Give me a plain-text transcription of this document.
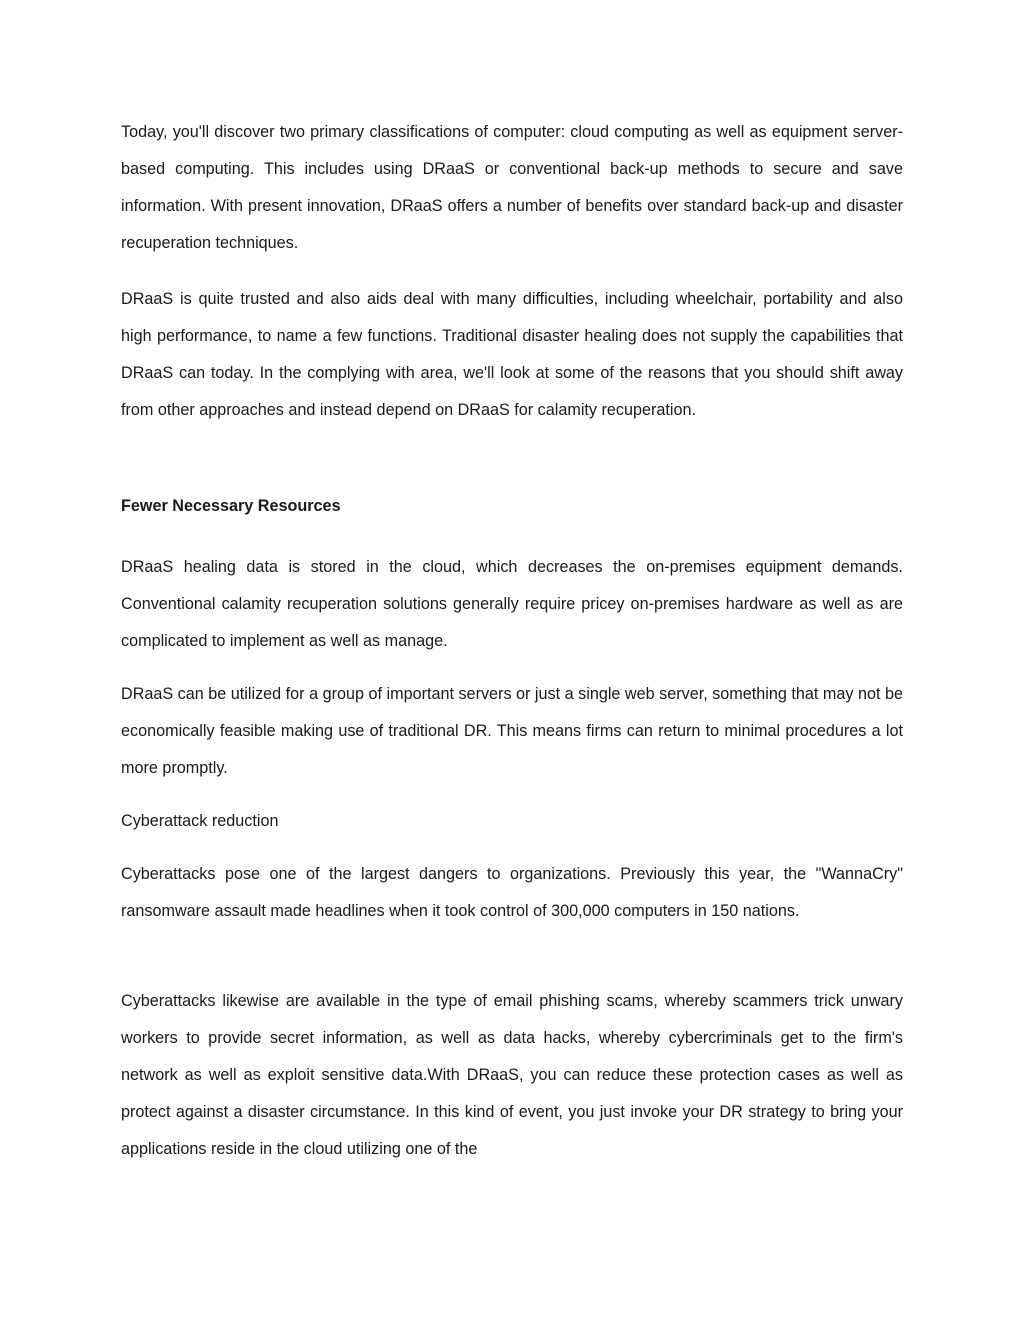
Today, you'll discover two primary classifications of computer: cloud computing as well as equipment server-based computing. This includes using DRaaS or conventional back-up methods to secure and save information. With present innovation, DRaaS offers a number of benefits over standard back-up and disaster recuperation techniques.

DRaaS is quite trusted and also aids deal with many difficulties, including wheelchair, portability and also high performance, to name a few functions. Traditional disaster healing does not supply the capabilities that DRaaS can today. In the complying with area, we'll look at some of the reasons that you should shift away from other approaches and instead depend on DRaaS for calamity recuperation.

Fewer Necessary Resources

DRaaS healing data is stored in the cloud, which decreases the on-premises equipment demands. Conventional calamity recuperation solutions generally require pricey on-premises hardware as well as are complicated to implement as well as manage.

DRaaS can be utilized for a group of important servers or just a single web server, something that may not be economically feasible making use of traditional DR. This means firms can return to minimal procedures a lot more promptly.

Cyberattack reduction

Cyberattacks pose one of the largest dangers to organizations. Previously this year, the "WannaCry" ransomware assault made headlines when it took control of 300,000 computers in 150 nations.

Cyberattacks likewise are available in the type of email phishing scams, whereby scammers trick unwary workers to provide secret information, as well as data hacks, whereby cybercriminals get to the firm's network as well as exploit sensitive data.With DRaaS, you can reduce these protection cases as well as protect against a disaster circumstance. In this kind of event, you just invoke your DR strategy to bring your applications reside in the cloud utilizing one of the
